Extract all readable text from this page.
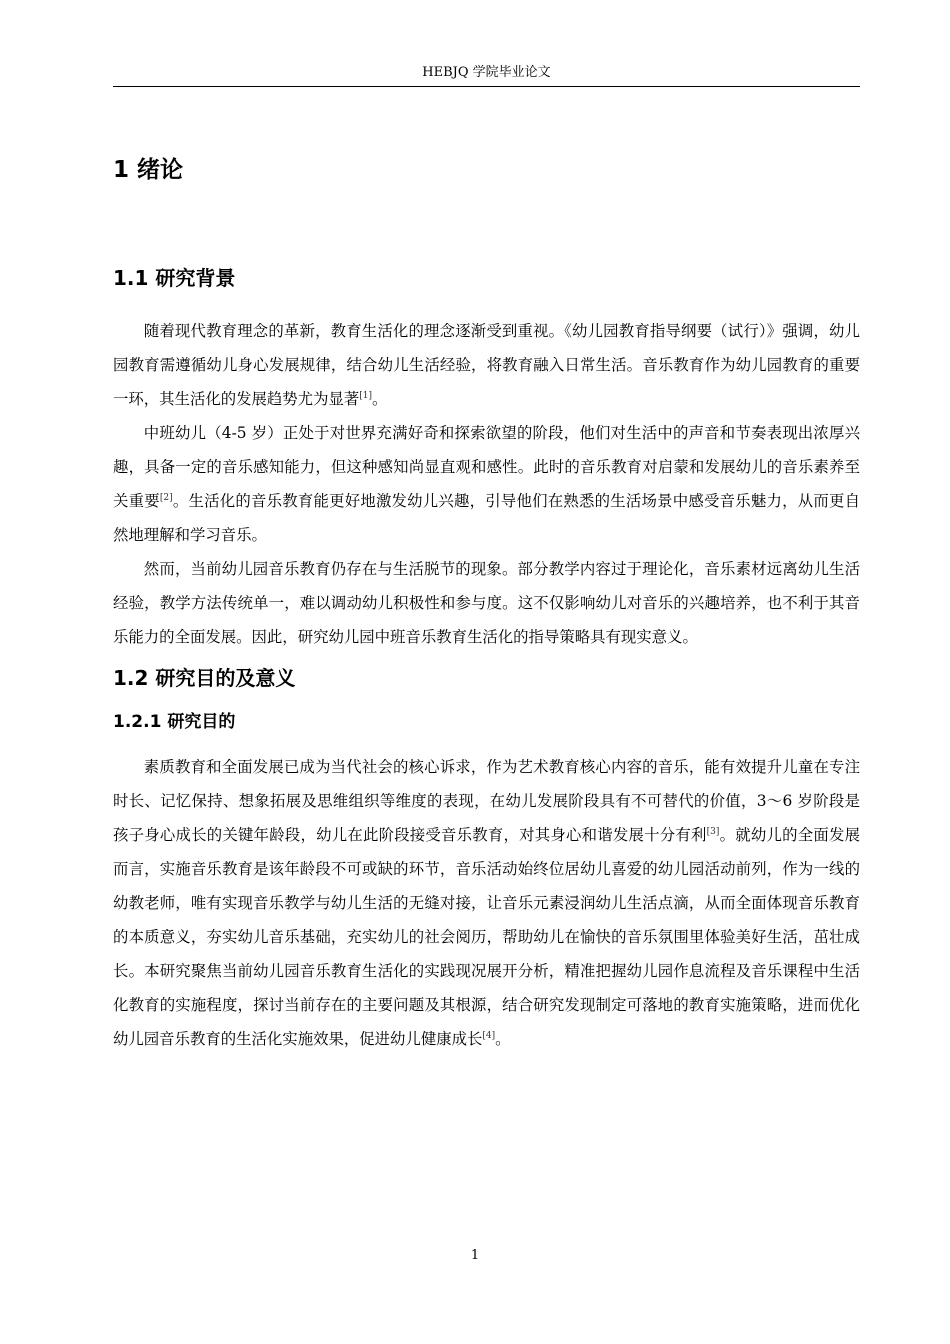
HEBJQ 学院毕业论文
1 绪论
1.1 研究背景

随着现代教育理念的革新，教育生活化的理念逐渐受到重视。《幼儿园教育指导纲要（试行）》强调，幼儿园教育需遵循幼儿身心发展规律，结合幼儿生活经验，将教育融入日常生活。音乐教育作为幼儿园教育的重要一环，其生活化的发展趋势尤为显著[1]。

中班幼儿（4-5 岁）正处于对世界充满好奇和探索欲望的阶段，他们对生活中的声音和节奏表现出浓厚兴趣，具备一定的音乐感知能力，但这种感知尚显直观和感性。此时的音乐教育对启蒙和发展幼儿的音乐素养至关重要[2]。生活化的音乐教育能更好地激发幼儿兴趣，引导他们在熟悉的生活场景中感受音乐魅力，从而更自然地理解和学习音乐。

然而，当前幼儿园音乐教育仍存在与生活脱节的现象。部分教学内容过于理论化，音乐素材远离幼儿生活经验，教学方法传统单一，难以调动幼儿积极性和参与度。这不仅影响幼儿对音乐的兴趣培养，也不利于其音乐能力的全面发展。因此，研究幼儿园中班音乐教育生活化的指导策略具有现实意义。

1.2 研究目的及意义
1.2.1 研究目的

素质教育和全面发展已成为当代社会的核心诉求，作为艺术教育核心内容的音乐，能有效提升儿童在专注时长、记忆保持、想象拓展及思维组织等维度的表现，在幼儿发展阶段具有不可替代的价值，3～6 岁阶段是孩子身心成长的关键年龄段，幼儿在此阶段接受音乐教育，对其身心和谐发展十分有利[3]。就幼儿的全面发展而言，实施音乐教育是该年龄段不可或缺的环节，音乐活动始终位居幼儿喜爱的幼儿园活动前列，作为一线的幼教老师，唯有实现音乐教学与幼儿生活的无缝对接，让音乐元素浸润幼儿生活点滴，从而全面体现音乐教育的本质意义，夯实幼儿音乐基础，充实幼儿的社会阅历，帮助幼儿在愉快的音乐氛围里体验美好生活，茁壮成长。本研究聚焦当前幼儿园音乐教育生活化的实践现况展开分析，精准把握幼儿园作息流程及音乐课程中生活化教育的实施程度，探讨当前存在的主要问题及其根源，结合研究发现制定可落地的教育实施策略，进而优化幼儿园音乐教育的生活化实施效果，促进幼儿健康成长[4]。

1
